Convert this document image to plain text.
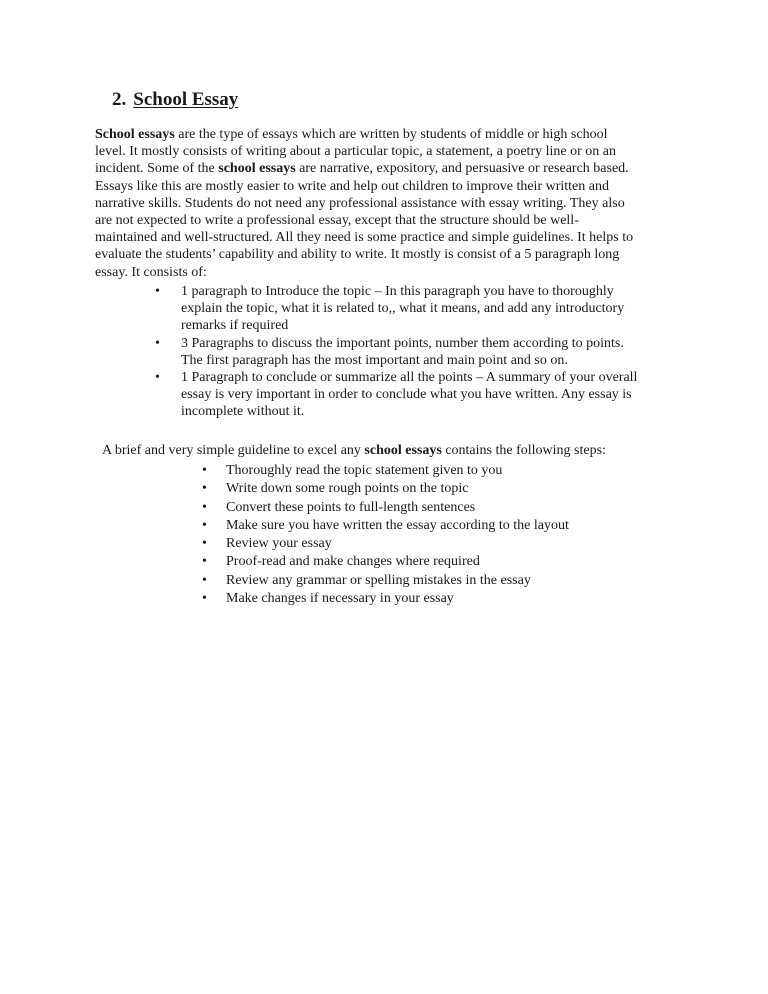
2. School Essay

School essays are the type of essays which are written by students of middle or high school
level. It mostly consists of writing about a particular topic, a statement, a poetry line or on an
incident. Some of the school essays are narrative, expository, and persuasive or research based.
Essays like this are mostly easier to write and help out children to improve their written and
narrative skills. Students do not need any professional assistance with essay writing. They also
are not expected to write a professional essay, except that the structure should be well-
maintained and well-structured. All they need is some practice and simple guidelines. It helps to
evaluate the students’ capability and ability to write. It mostly is consist of a 5 paragraph long
essay. It consists of:

• 1 paragraph to Introduce the topic – In this paragraph you have to thoroughly
explain the topic, what it is related to,, what it means, and add any introductory
remarks if required
• 3 Paragraphs to discuss the important points, number them according to points.
The first paragraph has the most important and main point and so on.
• 1 Paragraph to conclude or summarize all the points – A summary of your overall
essay is very important in order to conclude what you have written. Any essay is
incomplete without it.

A brief and very simple guideline to excel any school essays contains the following steps:

• Thoroughly read the topic statement given to you
• Write down some rough points on the topic
• Convert these points to full-length sentences
• Make sure you have written the essay according to the layout
• Review your essay
• Proof-read and make changes where required
• Review any grammar or spelling mistakes in the essay
• Make changes if necessary in your essay
